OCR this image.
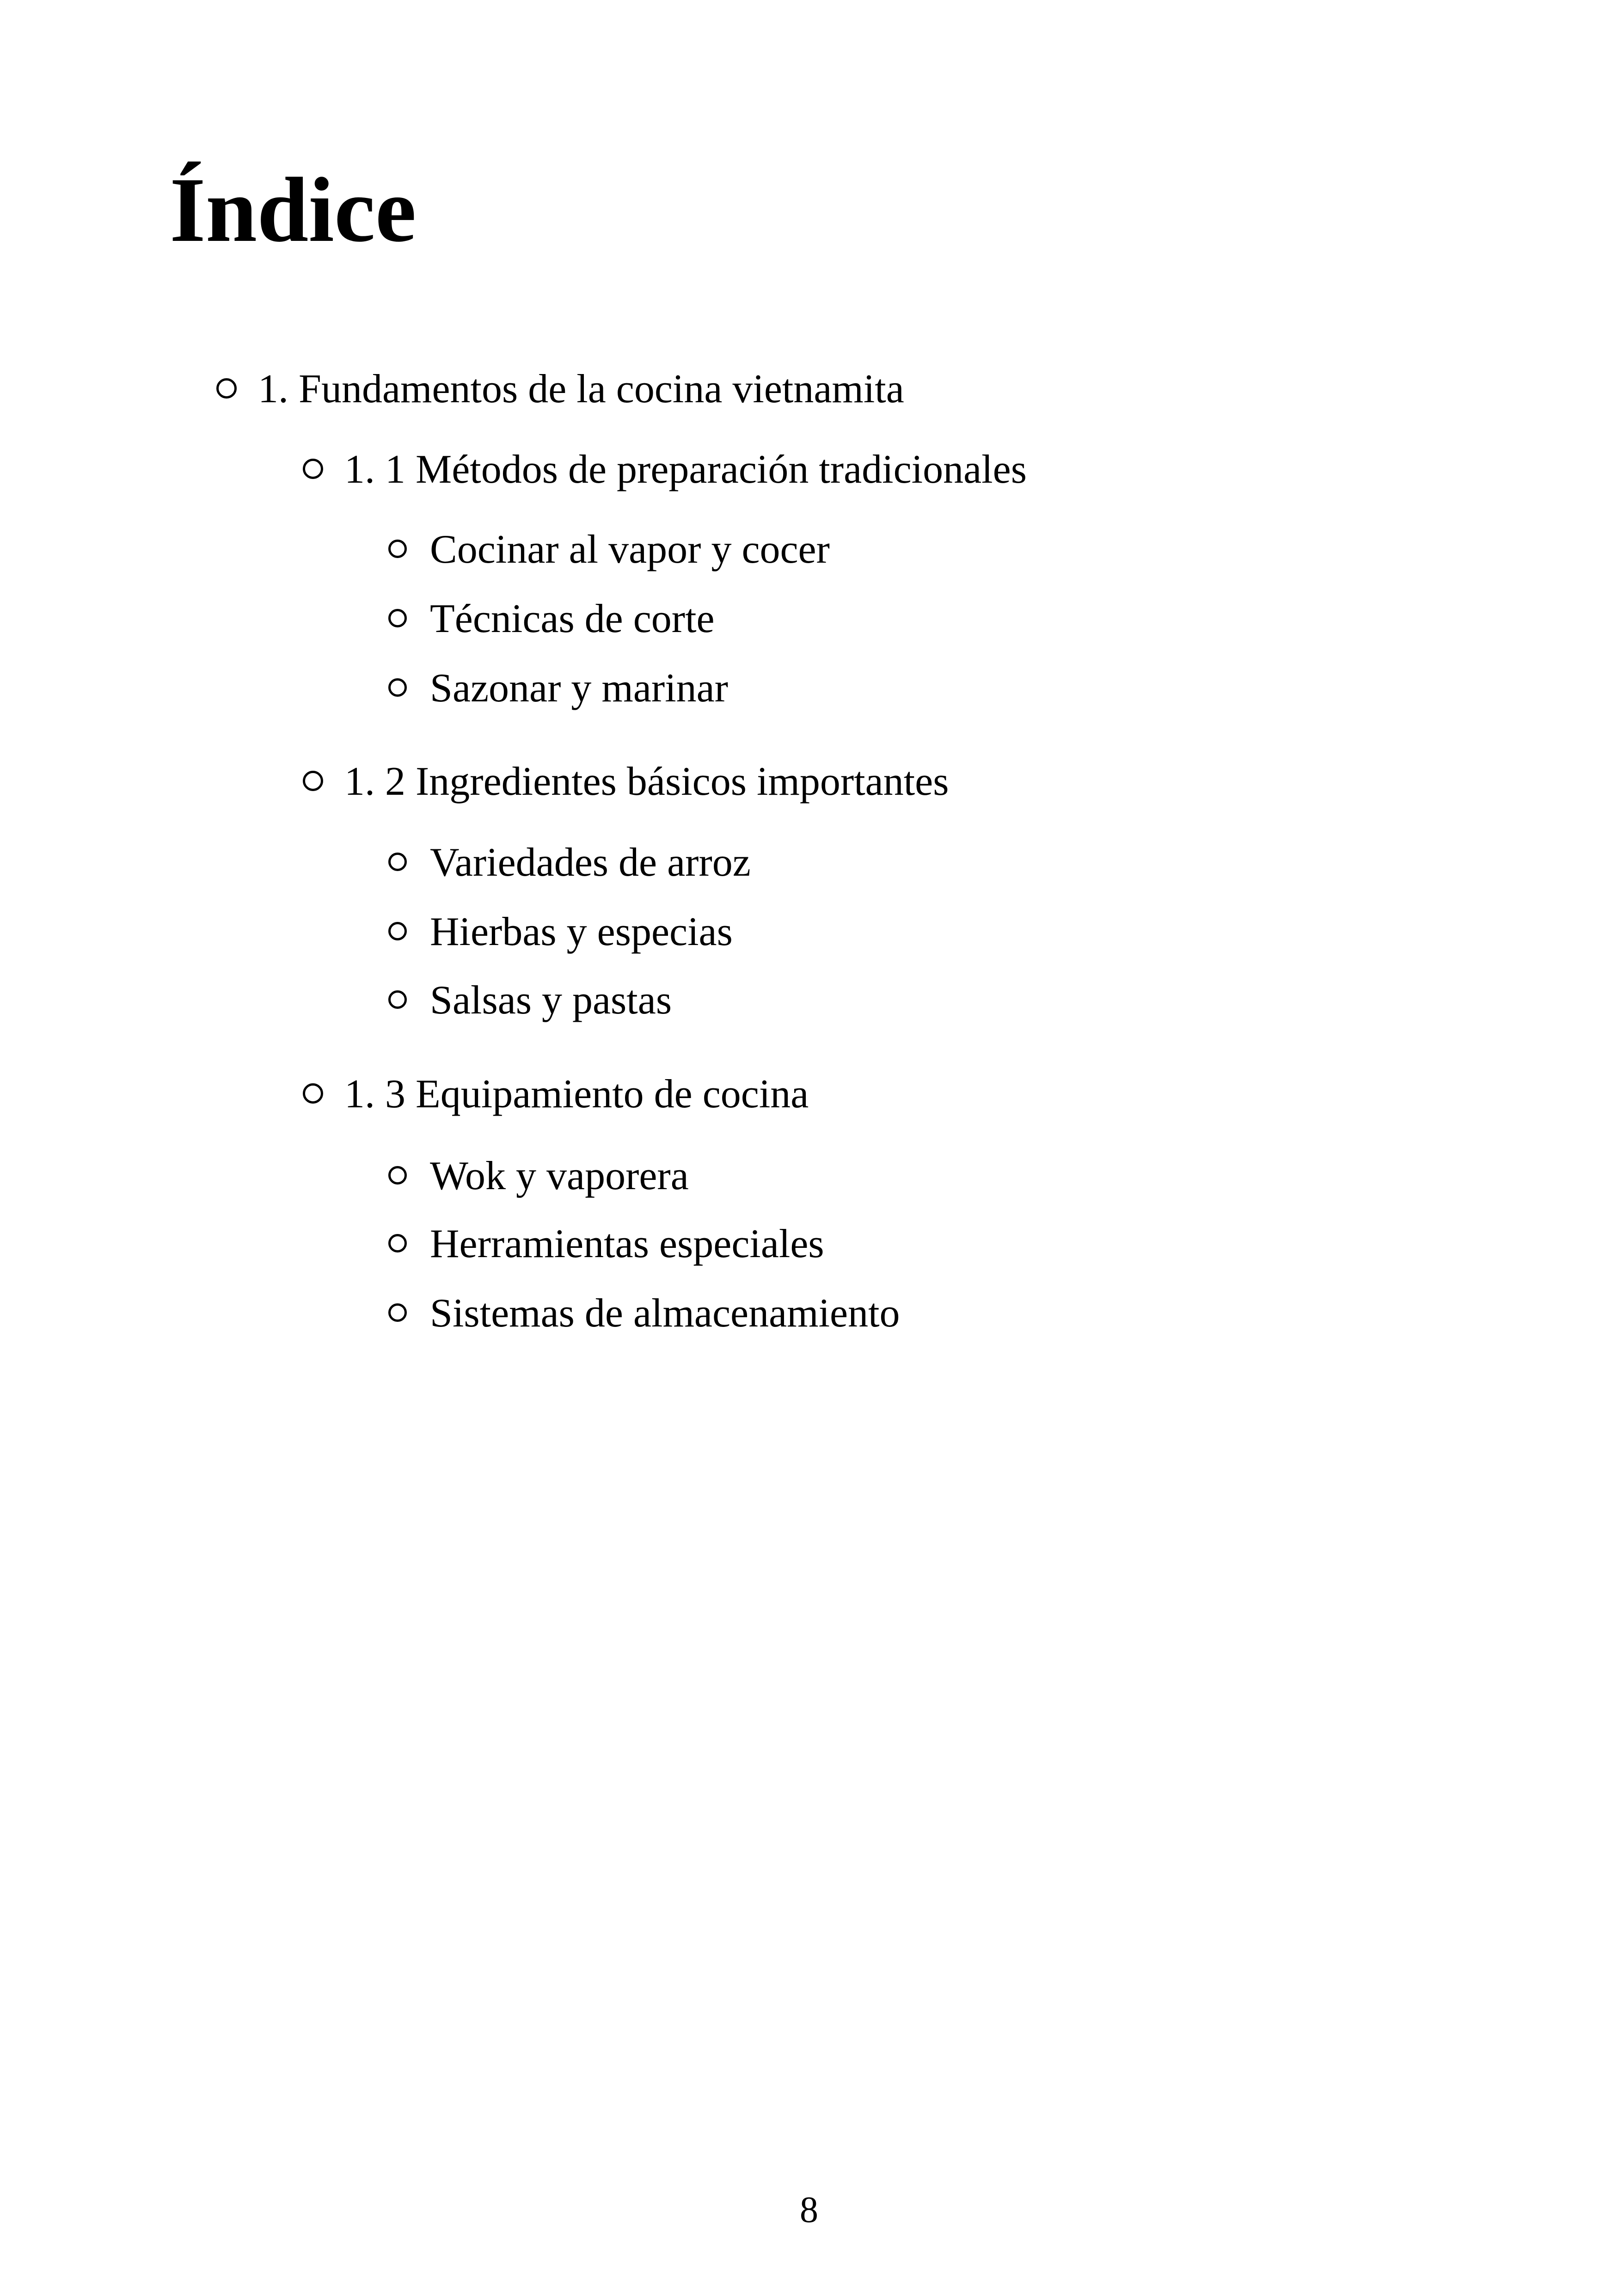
Índice
1. Fundamentos de la cocina vietnamita
1. 1 Métodos de preparación tradicionales
Cocinar al vapor y cocer
Técnicas de corte
Sazonar y marinar
1. 2 Ingredientes básicos importantes
Variedades de arroz
Hierbas y especias
Salsas y pastas
1. 3 Equipamiento de cocina
Wok y vaporera
Herramientas especiales
Sistemas de almacenamiento
8
